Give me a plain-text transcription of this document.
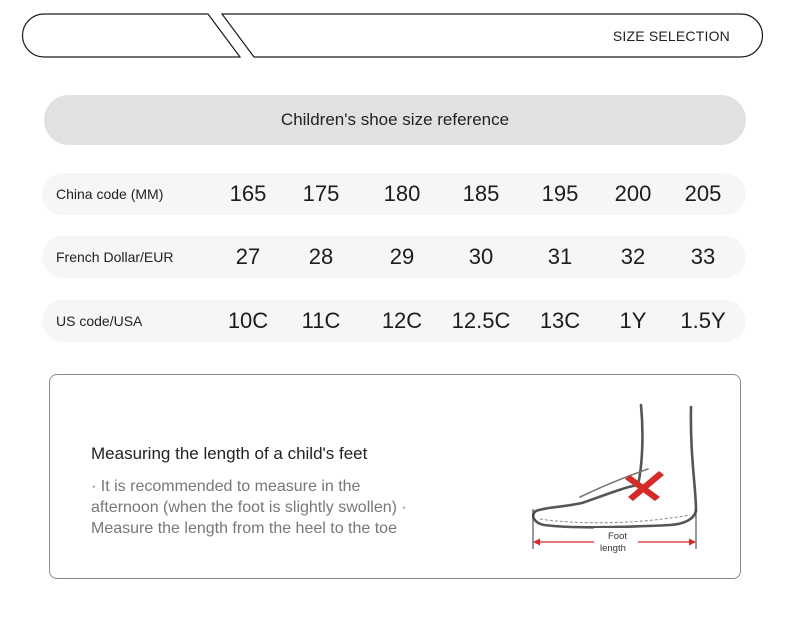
SIZE SELECTION
Children's shoe size reference
China code (MM)	165	175	180	185	195	200	205
French Dollar/EUR	27	28	29	30	31	32	33
US code/USA	10C	11C	12C	12.5C	13C	1Y	1.5Y
Measuring the length of a child's feet
· It is recommended to measure in the
afternoon (when the foot is slightly swollen) ·
Measure the length from the heel to the toe	Foot
length
